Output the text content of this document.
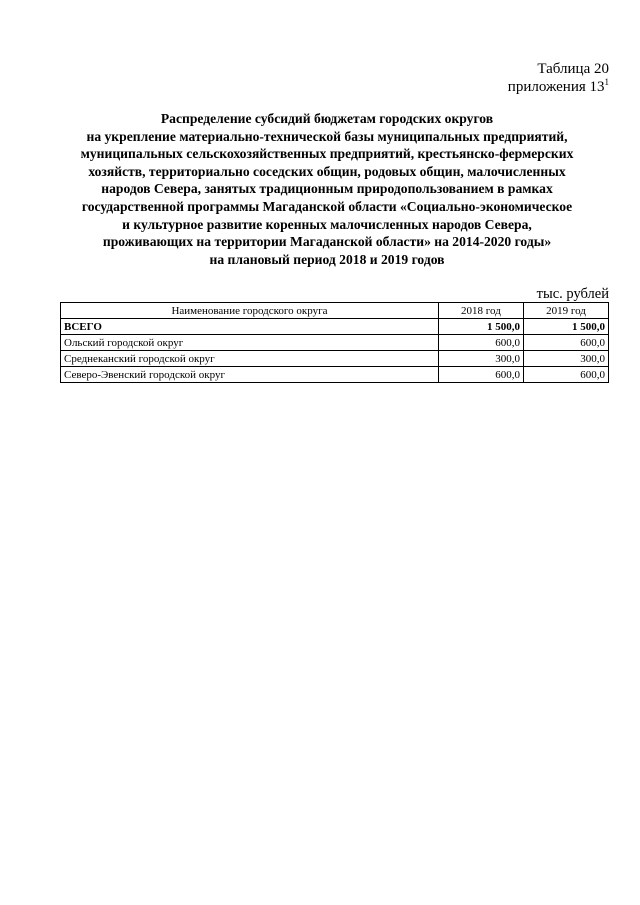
Таблица 20
приложения $13^1$
Распределение субсидий бюджетам городских округов
на укрепление материально-технической базы муниципальных предприятий,
муниципальных сельскохозяйственных предприятий, крестьянско-фермерских
хозяйств, территориально соседских общин, родовых общин, малочисленных
народов Севера, занятых традиционным природопользованием в рамках
государственной программы Магаданской области «Социально-экономическое
и культурное развитие коренных малочисленных народов Севера,
проживающих на территории Магаданской области» на 2014-2020 годы»
на плановый период 2018 и 2019 годов
тыс. рублей
Наименование городского округа	2018 год	2019 год
ВСЕГО	1 500,0	1 500,0
Ольский городской округ	600,0	600,0
Среднеканский городской округ	300,0	300,0
Северо-Эвенский городской округ	600,0	600,0
